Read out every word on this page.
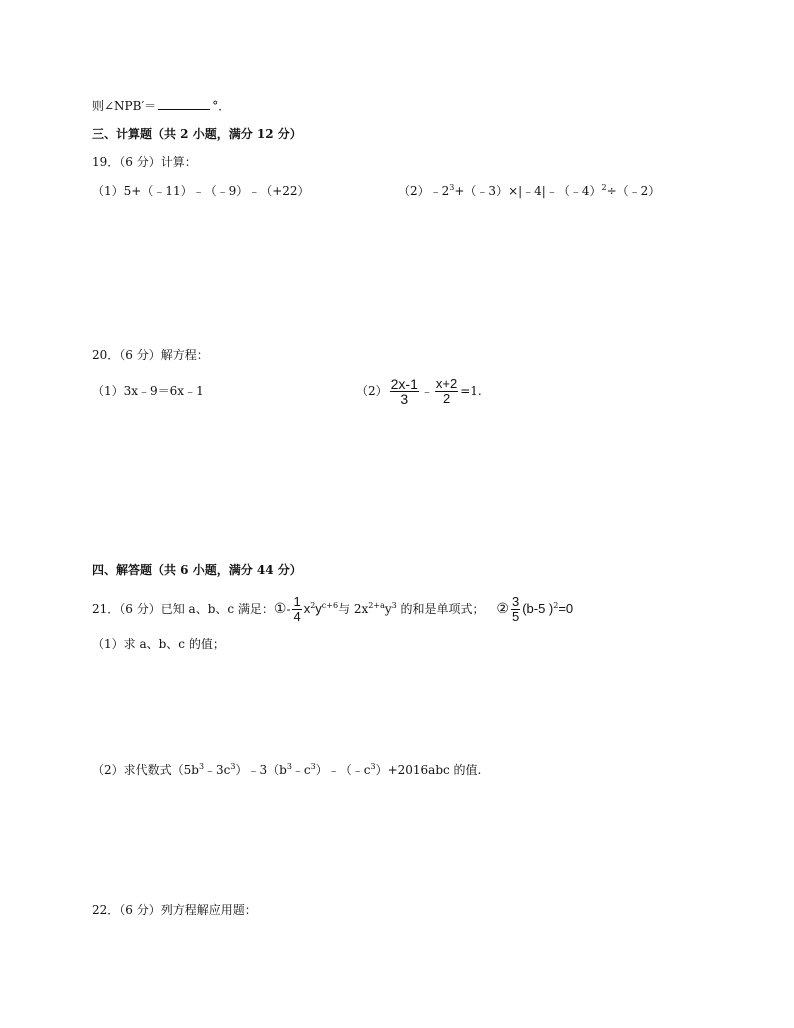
则∠NPB′＝	°．
三、计算题（共 2 小题，满分 12 分）
19．（6 分）计算：
（1）5+（﹣11）﹣（﹣9）﹣（+22）	$(2)﹣2^3+(﹣3)\times|﹣4|﹣(﹣4)^2\div(﹣2)$
20．（6 分）解方程：
（1）3x﹣9＝6x﹣1	$(2) \frac{2x-1}{3}$ ﹣ $\frac{x+2}{2} =1$.
四、解答题（共 6 小题，满分 44 分）
21．（6 分）已知 a、b、c 满足：①- $\frac{1}{4} x^2y^{c+6}$与 $2x^{2+a}y^3$ 的和是单项式； ② $\frac{3}{5} (b-5$ )$^2$=0
（1）求 a、b、c 的值；
（2）求代数式$(5b^3﹣3c^3)﹣3(b^3﹣c^3)﹣(﹣c^3)+2016abc$ 的值.
22．（6 分）列方程解应用题：
